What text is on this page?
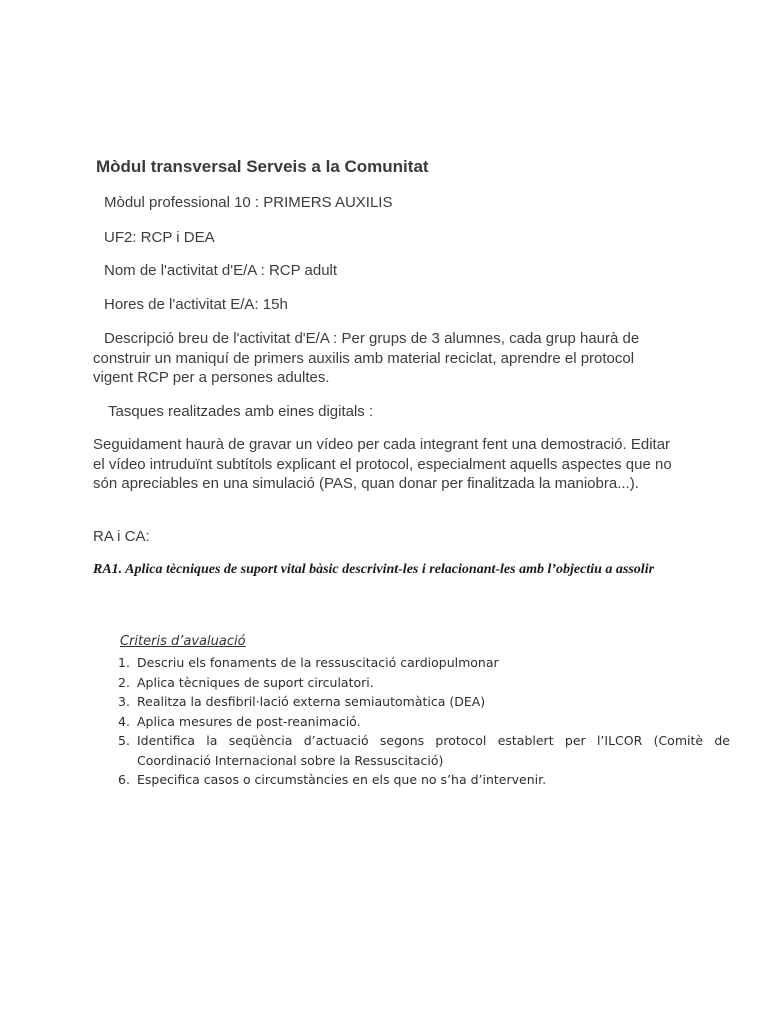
Mòdul transversal Serveis a la Comunitat
Mòdul professional 10 : PRIMERS AUXILIS
UF2: RCP i DEA
Nom de l'activitat d'E/A : RCP adult
Hores de l'activitat E/A: 15h
Descripció breu de l'activitat d'E/A : Per grups de 3 alumnes, cada grup haurà de construir un maniquí de primers auxilis amb material reciclat, aprendre el protocol vigent RCP per a persones adultes.
Tasques realitzades amb eines digitals :
Seguidament haurà de gravar un vídeo per cada integrant fent una demostració. Editar el vídeo intruduïnt subtítols explicant el protocol, especialment aquells aspectes que no són apreciables en una simulació (PAS, quan donar per finalitzada la maniobra...).
RA i CA:
RA1. Aplica tècniques de suport vital bàsic descrivint-les i relacionant-les amb l’objectiu a assolir
Criteris d’avaluació
1. Descriu els fonaments de la ressuscitació cardiopulmonar
2. Aplica tècniques de suport circulatori.
3. Realitza la desfibril·lació externa semiautomàtica (DEA)
4. Aplica mesures de post-reanimació.
5. Identifica la seqüència d’actuació segons protocol establert per l’ILCOR (Comitè de Coordinació Internacional sobre la Ressuscitació)
6. Especifica casos o circumstàncies en els que no s’ha d’intervenir.
